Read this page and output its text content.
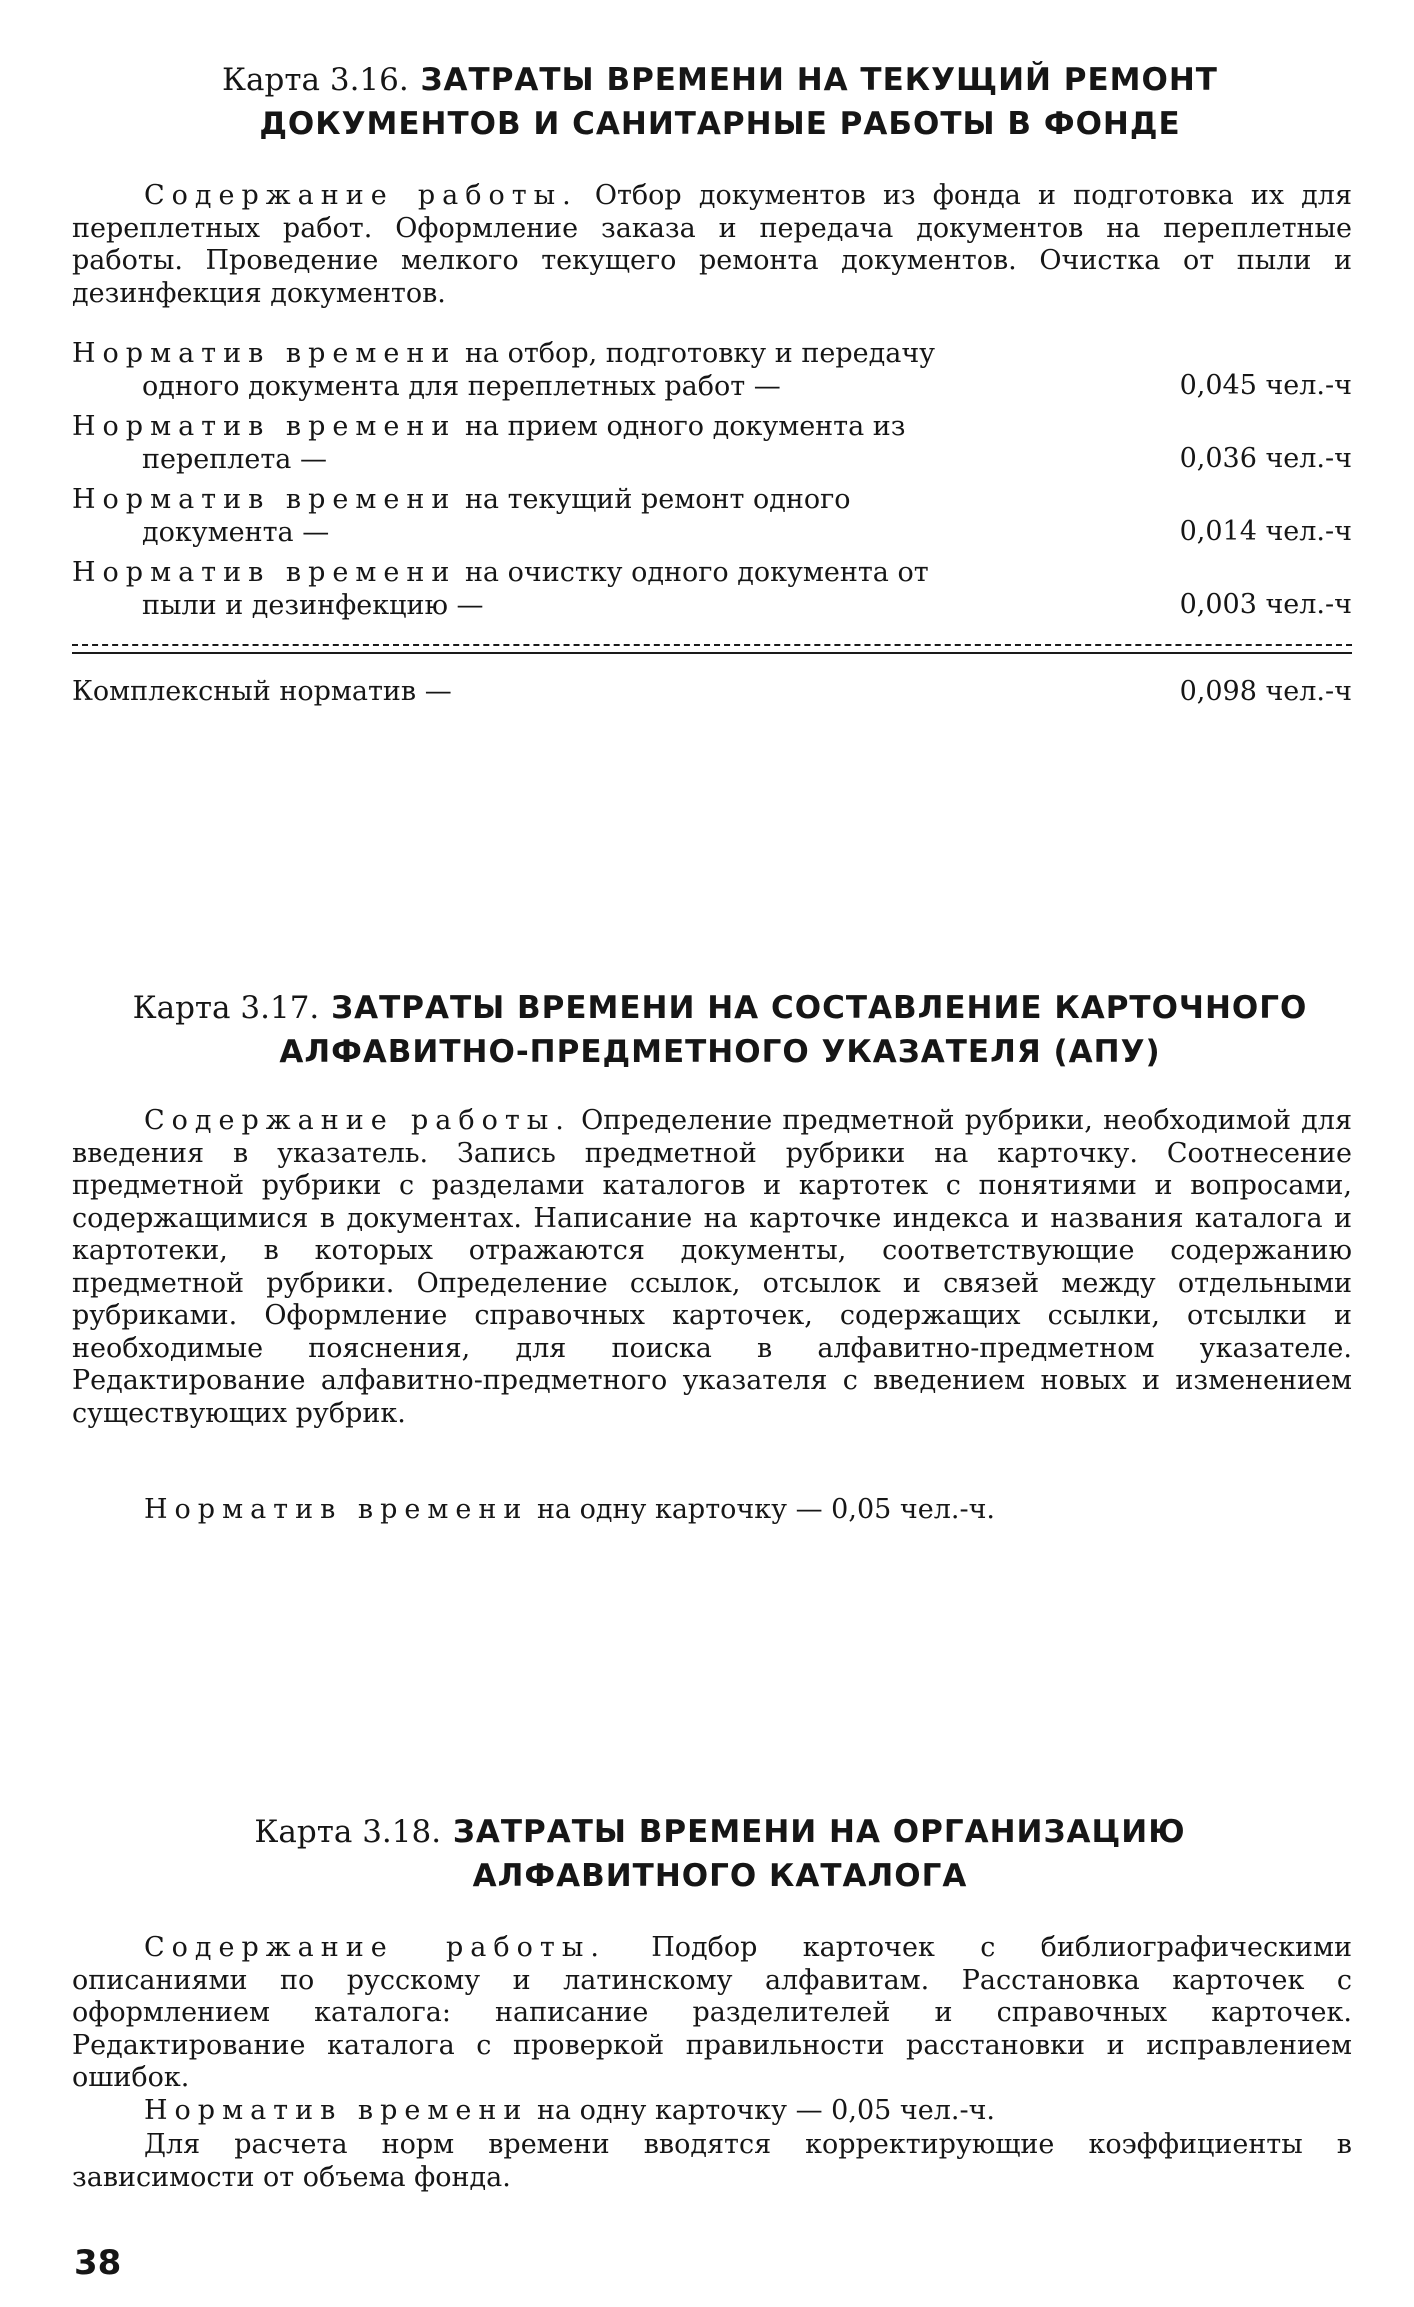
Карта 3.16. ЗАТРАТЫ ВРЕМЕНИ НА ТЕКУЩИЙ РЕМОНТ
ДОКУМЕНТОВ И САНИТАРНЫЕ РАБОТЫ В ФОНДЕ

Содержание работы. Отбор документов из фонда и подготовка их для переплетных работ. Оформление заказа и передача документов на переплетные работы. Проведение мелкого текущего ремонта документов. Очистка от пыли и дезинфекция документов.

Норматив времени на отбор, подготовку и передачу
одного документа для переплетных работ —	0,045 чел.-ч
Норматив времени на прием одного документа из
переплета —	0,036 чел.-ч
Норматив времени на текущий ремонт одного
документа —	0,014 чел.-ч
Норматив времени на очистку одного документа от
пыли и дезинфекцию —	0,003 чел.-ч
Комплексный норматив —	0,098 чел.-ч
Карта 3.17. ЗАТРАТЫ ВРЕМЕНИ НА СОСТАВЛЕНИЕ КАРТОЧНОГО
АЛФАВИТНО-ПРЕДМЕТНОГО УКАЗАТЕЛЯ (АПУ)

Содержание работы. Определение предметной рубрики, необходимой для введения в указатель. Запись предметной рубрики на карточку. Соотнесение предметной рубрики с разделами каталогов и картотек с понятиями и вопросами, содержащимися в документах. Написание на карточке индекса и названия каталога и картотеки, в которых отражаются документы, соответствующие содержанию предметной рубрики. Определение ссылок, отсылок и связей между отдельными рубриками. Оформление справочных карточек, содержащих ссылки, отсылки и необходимые пояснения, для поиска в алфавитно-предметном указателе. Редактирование алфавитно-предметного указателя с введением новых и изменением существующих рубрик.

Норматив времени на одну карточку — 0,05 чел.-ч.

Карта 3.18. ЗАТРАТЫ ВРЕМЕНИ НА ОРГАНИЗАЦИЮ
АЛФАВИТНОГО КАТАЛОГА

Содержание работы. Подбор карточек с библиографическими описаниями по русскому и латинскому алфавитам. Расстановка карточек с оформлением каталога: написание разделителей и справочных карточек. Редактирование каталога с проверкой правильности расстановки и исправлением ошибок.

Норматив времени на одну карточку — 0,05 чел.-ч.

Для расчета норм времени вводятся корректирующие коэффициенты в зависимости от объема фонда.

38
